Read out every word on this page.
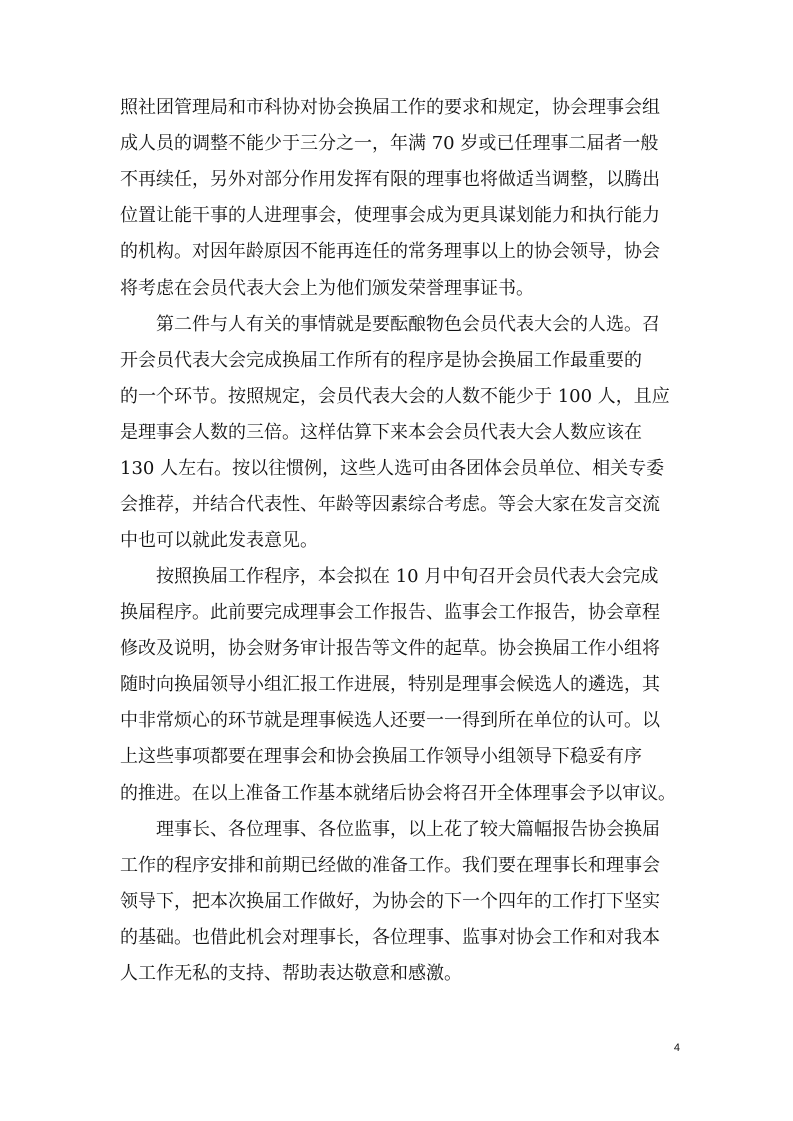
照社团管理局和市科协对协会换届工作的要求和规定，协会理事会组
成人员的调整不能少于三分之一，年满 70 岁或已任理事二届者一般
不再续任，另外对部分作用发挥有限的理事也将做适当调整，以腾出
位置让能干事的人进理事会，使理事会成为更具谋划能力和执行能力
的机构。对因年龄原因不能再连任的常务理事以上的协会领导，协会
将考虑在会员代表大会上为他们颁发荣誉理事证书。
　　第二件与人有关的事情就是要酝酿物色会员代表大会的人选。召
开会员代表大会完成换届工作所有的程序是协会换届工作最重要的
的一个环节。按照规定，会员代表大会的人数不能少于 100 人，且应
是理事会人数的三倍。这样估算下来本会会员代表大会人数应该在
130 人左右。按以往惯例，这些人选可由各团体会员单位、相关专委
会推荐，并结合代表性、年龄等因素综合考虑。等会大家在发言交流
中也可以就此发表意见。
　　按照换届工作程序，本会拟在 10 月中旬召开会员代表大会完成
换届程序。此前要完成理事会工作报告、监事会工作报告，协会章程
修改及说明，协会财务审计报告等文件的起草。协会换届工作小组将
随时向换届领导小组汇报工作进展，特别是理事会候选人的遴选，其
中非常烦心的环节就是理事候选人还要一一得到所在单位的认可。以
上这些事项都要在理事会和协会换届工作领导小组领导下稳妥有序
的推进。在以上准备工作基本就绪后协会将召开全体理事会予以审议。
　　理事长、各位理事、各位监事，以上花了较大篇幅报告协会换届
工作的程序安排和前期已经做的准备工作。我们要在理事长和理事会
领导下，把本次换届工作做好，为协会的下一个四年的工作打下坚实
的基础。也借此机会对理事长，各位理事、监事对协会工作和对我本
人工作无私的支持、帮助表达敬意和感激。
4
